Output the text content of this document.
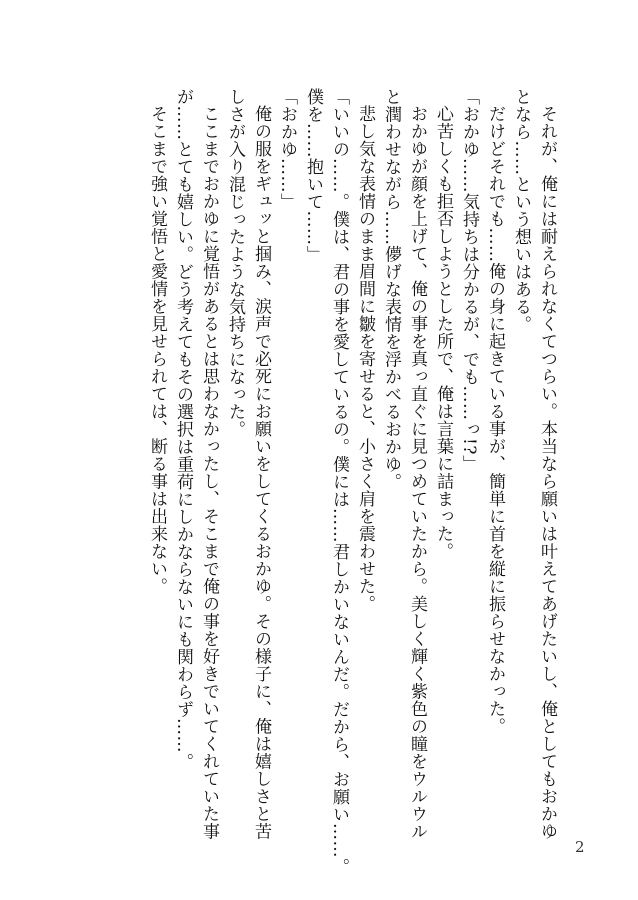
それが、俺には耐えられなくてつらい。本当なら願いは叶えてあげたいし、俺としてもおかゆ
となら……という想いはある。
だけどそれでも……俺の身に起きている事が、簡単に首を縦に振らせなかった。
「おかゆ……気持ちは分かるが、でも……っ!?」
心苦しくも拒否しようとした所で、俺は言葉に詰まった。
おかゆが顔を上げて、俺の事を真っ直ぐに見つめていたから。美しく輝く紫色の瞳をウルウル
と潤わせながら……儚げな表情を浮かべるおかゆ。
悲し気な表情のまま眉間に皺を寄せると、小さく肩を震わせた。
「いいの……。僕は、君の事を愛しているの。僕には……君しかいないんだ。だから、お願い……。
僕を……抱いて……」
「おかゆ……」
俺の服をギュッと掴み、涙声で必死にお願いをしてくるおかゆ。その様子に、俺は嬉しさと苦
しさが入り混じったような気持ちになった。
ここまでおかゆに覚悟があるとは思わなかったし、そこまで俺の事を好きでいてくれていた事
が……とても嬉しい。どう考えてもその選択は重荷にしかならないにも関わらず……。
そこまで強い覚悟と愛情を見せられては、断る事は出来ない。
2
